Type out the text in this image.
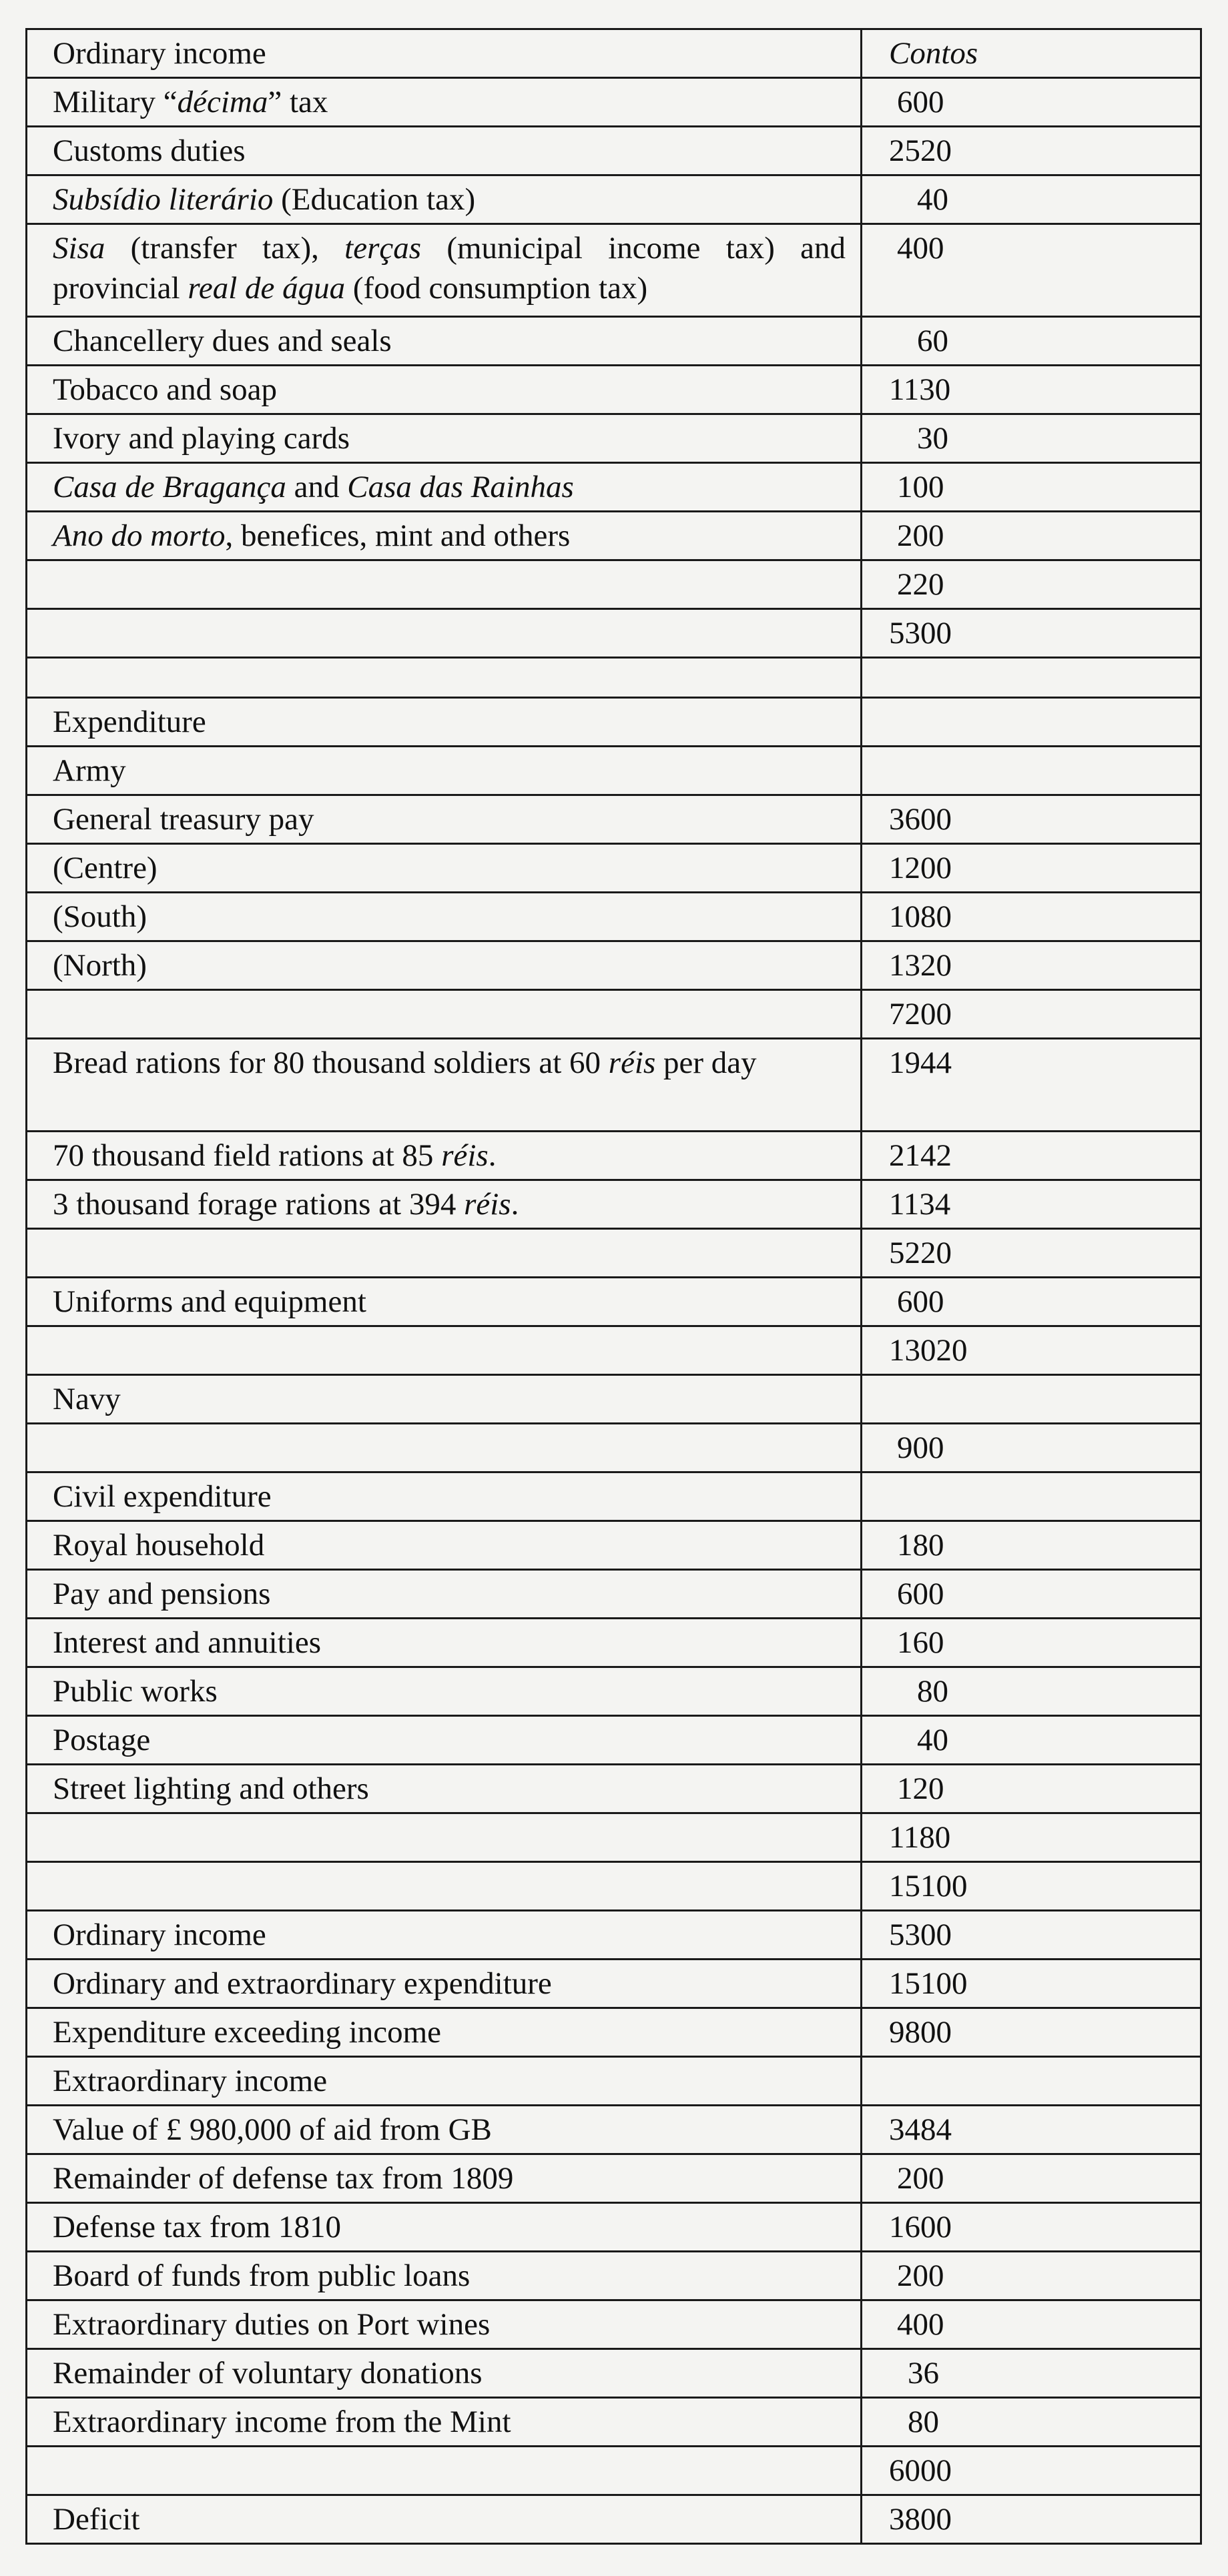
Ordinary income	Contos
Military “décima” tax	600
Customs duties	2520
Subsídio literário (Education tax)	40
Sisa (transfer tax), terças (municipal income tax) and provincial real de água (food consumption tax)	400
Chancellery dues and seals	60
Tobacco and soap	1130
Ivory and playing cards	30
Casa de Bragança and Casa das Rainhas	100
Ano do morto, benefices, mint and others	200
	220
	5300

Expenditure	
Army	
General treasury pay	3600
(Centre)	1200
(South)	1080
(North)	1320
	7200
Bread rations for 80 thousand soldiers at 60 réis per day	1944
70 thousand field rations at 85 réis.	2142
3 thousand forage rations at 394 réis.	1134
	5220
Uniforms and equipment	600
	13020
Navy	
	900
Civil expenditure	
Royal household	180
Pay and pensions	600
Interest and annuities	160
Public works	80
Postage	40
Street lighting and others	120
	1180
	15100
Ordinary income	5300
Ordinary and extraordinary expenditure	15100
Expenditure exceeding income	9800
Extraordinary income	
Value of £ 980,000 of aid from GB	3484
Remainder of defense tax from 1809	200
Defense tax from 1810	1600
Board of funds from public loans	200
Extraordinary duties on Port wines	400
Remainder of voluntary donations	36
Extraordinary income from the Mint	80
	6000
Deficit	3800
